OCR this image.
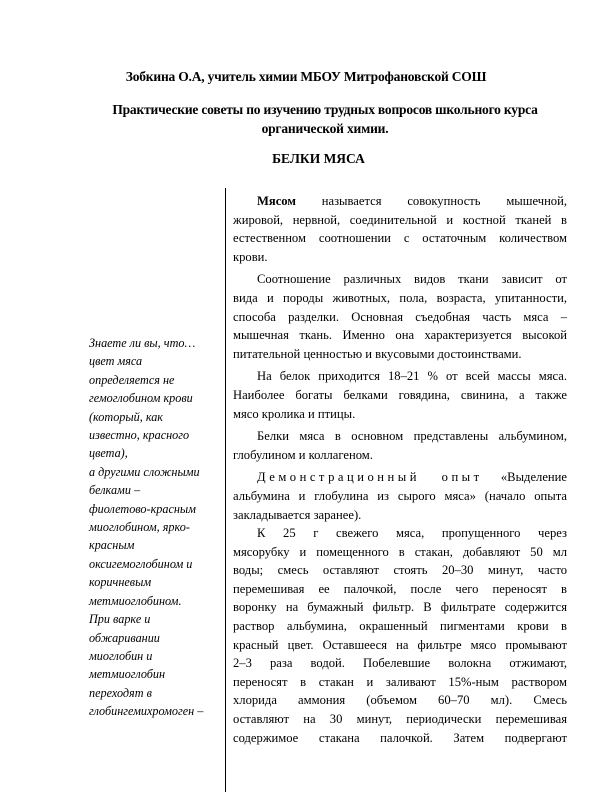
Зобкина О.А, учитель химии МБОУ Митрофановской СОШ
Практические советы по изучению трудных вопросов школьного курса
органической химии.
БЕЛКИ МЯСА
Знаете ли вы, что…
цвет мяса
определяется не
гемоглобином крови
(который, как
известно, красного
цвета),
а другими сложными
белками –
фиолетово-красным
миоглобином, ярко-
красным
оксигемоглобином и
коричневым
метмиоглобином.
При варке и
обжаривании
миоглобин и
метмиоглобин
переходят в
глобингемихромоген –
Мясом называется совокупность мышечной,
жировой, нервной, соединительной и костной тканей в
естественном соотношении с остаточным количеством
крови.
Соотношение различных видов ткани зависит от
вида и породы животных, пола, возраста, упитанности,
способа разделки. Основная съедобная часть мяса –
мышечная ткань. Именно она характеризуется высокой
питательной ценностью и вкусовыми достоинствами.
На белок приходится 18–21 % от всей массы мяса.
Наиболее богаты белками говядина, свинина, а также
мясо кролика и птицы.
Белки мяса в основном представлены альбумином,
глобулином и коллагеном.
Демонстрационный опыт «Выделение
альбумина и глобулина из сырого мяса» (начало опыта
закладывается заранее).
К 25 г свежего мяса, пропущенного через
мясорубку и помещенного в стакан, добавляют 50 мл
воды; смесь оставляют стоять 20–30 минут, часто
перемешивая ее палочкой, после чего переносят в
воронку на бумажный фильтр. В фильтрате содержится
раствор альбумина, окрашенный пигментами крови в
красный цвет. Оставшееся на фильтре мясо промывают
2–3 раза водой. Побелевшие волокна отжимают,
переносят в стакан и заливают 15%-ным раствором
хлорида аммония (объемом 60–70 мл). Смесь
оставляют на 30 минут, периодически перемешивая
содержимое стакана палочкой. Затем подвергают
